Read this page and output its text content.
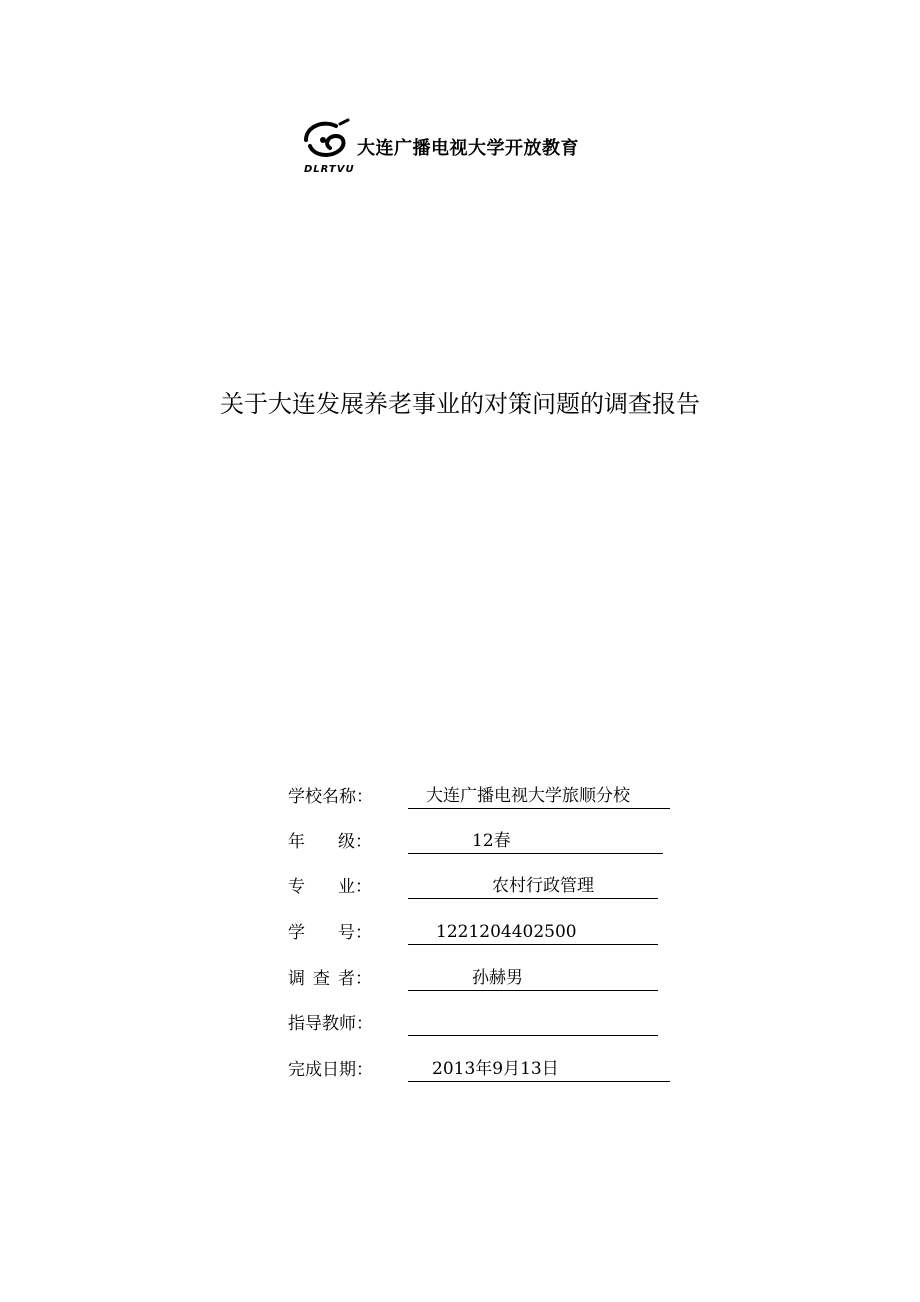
大连广播电视大学开放教育
DLRTVU
关于大连发展养老事业的对策问题的调查报告
学校名称：	大连广播电视大学旅顺分校
年 级：	12春
专 业：	农村行政管理
学 号：	1221204402500
调 查 者：	孙赫男
指导教师：
完成日期：	2013年9月13日
